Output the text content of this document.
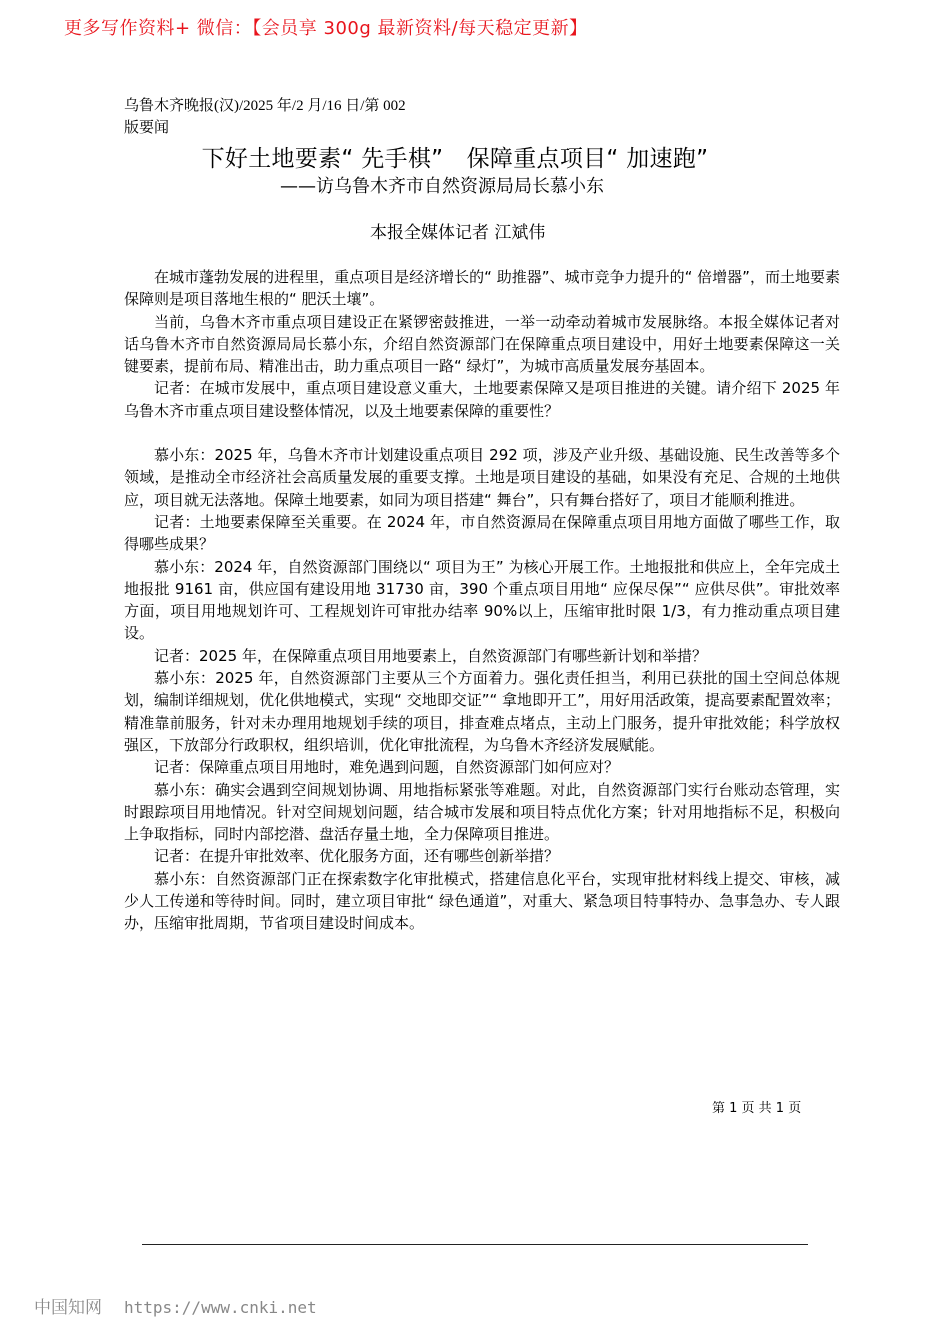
更多写作资料+ 微信：【会员享 300g 最新资料/每天稳定更新】
乌鲁木齐晚报(汉)/2025 年/2 月/16 日/第 002
版要闻
下好土地要素“ 先手棋”　保障重点项目“ 加速跑”
——访乌鲁木齐市自然资源局局长慕小东
本报全媒体记者 江斌伟

在城市蓬勃发展的进程里，重点项目是经济增长的“ 助推器”、城市竞争力提升的“ 倍增器”，而土地要素保障则是项目落地生根的“ 肥沃土壤”。

当前，乌鲁木齐市重点项目建设正在紧锣密鼓推进，一举一动牵动着城市发展脉络。本报全媒体记者对话乌鲁木齐市自然资源局局长慕小东，介绍自然资源部门在保障重点项目建设中，用好土地要素保障这一关键要素，提前布局、精准出击，助力重点项目一路“ 绿灯”，为城市高质量发展夯基固本。

记者：在城市发展中，重点项目建设意义重大，土地要素保障又是项目推进的关键。请介绍下 2025 年乌鲁木齐市重点项目建设整体情况，以及土地要素保障的重要性？

慕小东：2025 年，乌鲁木齐市计划建设重点项目 292 项，涉及产业升级、基础设施、民生改善等多个领域，是推动全市经济社会高质量发展的重要支撑。土地是项目建设的基础，如果没有充足、合规的土地供应，项目就无法落地。保障土地要素，如同为项目搭建“ 舞台”，只有舞台搭好了，项目才能顺利推进。

记者：土地要素保障至关重要。在 2024 年，市自然资源局在保障重点项目用地方面做了哪些工作，取得哪些成果？

慕小东：2024 年，自然资源部门围绕以“ 项目为王” 为核心开展工作。土地报批和供应上，全年完成土地报批 9161 亩，供应国有建设用地 31730 亩，390 个重点项目用地“ 应保尽保”“ 应供尽供”。审批效率方面，项目用地规划许可、工程规划许可审批办结率 90%以上，压缩审批时限 1/3，有力推动重点项目建设。

记者：2025 年，在保障重点项目用地要素上，自然资源部门有哪些新计划和举措？

慕小东：2025 年，自然资源部门主要从三个方面着力。强化责任担当，利用已获批的国土空间总体规划，编制详细规划，优化供地模式，实现“ 交地即交证”“ 拿地即开工”，用好用活政策，提高要素配置效率；精准靠前服务，针对未办理用地规划手续的项目，排查难点堵点，主动上门服务，提升审批效能；科学放权强区，下放部分行政职权，组织培训，优化审批流程，为乌鲁木齐经济发展赋能。

记者：保障重点项目用地时，难免遇到问题，自然资源部门如何应对？

慕小东：确实会遇到空间规划协调、用地指标紧张等难题。对此，自然资源部门实行台账动态管理，实时跟踪项目用地情况。针对空间规划问题，结合城市发展和项目特点优化方案；针对用地指标不足，积极向上争取指标，同时内部挖潜、盘活存量土地，全力保障项目推进。

记者：在提升审批效率、优化服务方面，还有哪些创新举措？

慕小东：自然资源部门正在探索数字化审批模式，搭建信息化平台，实现审批材料线上提交、审核，减少人工传递和等待时间。同时，建立项目审批“ 绿色通道”，对重大、紧急项目特事特办、急事急办、专人跟办，压缩审批周期，节省项目建设时间成本。

第 1 页 共 1 页
中国知网 https://www.cnki.net
